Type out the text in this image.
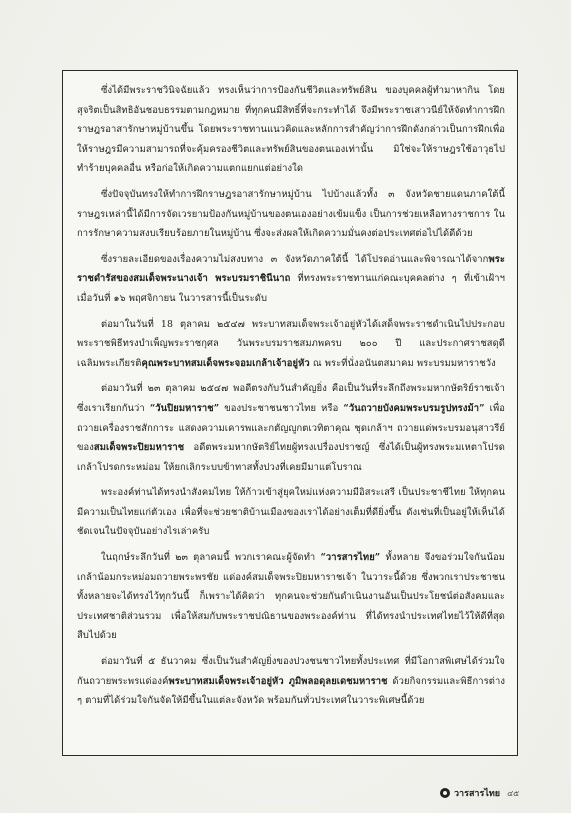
ซึ่งได้มีพระราชวินิจฉัยแล้ว ทรงเห็นว่าการป้องกันชีวิตและทรัพย์สิน ของบุคคลผู้ทำมาหากิน โดยสุจริตเป็นสิทธิอันชอบธรรมตามกฎหมาย ที่ทุกคนมีสิทธิ์ที่จะกระทำได้ จึงมีพระราชเสาวนีย์ให้จัดทำการฝึกราษฎรอาสารักษาหมู่บ้านขึ้น โดยพระราชทานแนวคิดและหลักการสำคัญว่าการฝึกดังกล่าวเป็นการฝึกเพื่อให้ราษฎรมีความสามารถที่จะคุ้มครองชีวิตและทรัพย์สินของตนเองเท่านั้น มิใช่จะให้ราษฎรใช้อาวุธไปทำร้ายบุคคลอื่น หรือก่อให้เกิดความแตกแยกแต่อย่างใด

ซึ่งปัจจุบันทรงให้ทำการฝึกราษฎรอาสารักษาหมู่บ้าน ไปบ้างแล้วทั้ง ๓ จังหวัดชายแดนภาคใต้นี้ ราษฎรเหล่านี้ได้มีการจัดเวรยามป้องกันหมู่บ้านของตนเองอย่างเข้มแข็ง เป็นการช่วยเหลือทางราชการ ในการรักษาความสงบเรียบร้อยภายในหมู่บ้าน ซึ่งจะส่งผลให้เกิดความมั่นคงต่อประเทศต่อไปได้ดีด้วย

ซึ่งรายละเอียดของเรื่องความไม่สงบทาง ๓ จังหวัดภาคใต้นี้ ได้โปรดอ่านและพิจารณาได้จากพระราชดำรัสของสมเด็จพระนางเจ้า พระบรมราชินีนาถ ที่ทรงพระราชทานแก่คณะบุคคลต่าง ๆ ที่เข้าเฝ้าฯ เมื่อวันที่ ๑๖ พฤศจิกายน ในวารสารนี้เป็นระดับ

ต่อมาในวันที่ 18 ตุลาคม ๒๕๔๗ พระบาทสมเด็จพระเจ้าอยู่หัวได้เสด็จพระราชดำเนินไปประกอบพระราชพิธีทรงบำเพ็ญพระราชกุศล วันพระบรมราชสมภพครบ ๒๐๐ ปี และประกาศราชสดุดีเฉลิมพระเกียรติคุณพระบาทสมเด็จพระจอมเกล้าเจ้าอยู่หัว ณ พระที่นั่งอนันตสมาคม พระบรมมหาราชวัง

ต่อมาวันที่ ๒๓ ตุลาคม ๒๕๔๗ พอดีตรงกับวันสำคัญยิ่ง คือเป็นวันที่ระลึกถึงพระมหากษัตริย์ราชเจ้า ซึ่งเราเรียกกันว่า “วันปิยมหาราช” ของประชาชนชาวไทย หรือ “วันถวายบังคมพระบรมรูปทรงม้า” เพื่อถวายเครื่องราชสักการะ แสดงความเคารพและกตัญญูกตเวทิตาคุณ ชุดเกล้าฯ ถวายแด่พระบรมอนุสาวรีย์ของสมเด็จพระปิยมหาราช อดีตพระมหากษัตริย์ไทยผู้ทรงเปรื่องปราชญ์ ซึ่งได้เป็นผู้ทรงพระมเหตาโปรดเกล้าโปรดกระหม่อม ให้ยกเลิกระบบข้าทาสทั้งปวงที่เคยมีมาแต่โบราณ

พระองค์ท่านได้ทรงนำสังคมไทย ให้ก้าวเข้าสู่ยุคใหม่แห่งความมีอิสระเสรี เป็นประชาชีไทย ให้ทุกคนมีความเป็นไทยแก่ตัวเอง เพื่อที่จะช่วยชาติบ้านเมืองของเราได้อย่างเต็มที่ดียิ่งขึ้น ดังเช่นที่เป็นอยู่ให้เห็นได้ชัดเจนในปัจจุบันอย่างไรเล่าครับ

ในฤกษ์ระลึกวันที่ ๒๓ ตุลาคมนี้ พวกเราคณะผู้จัดทำ “วารสารไทย” ทั้งหลาย จึงขอร่วมใจกันน้อมเกล้าน้อมกระหม่อมถวายพระพรชัย แด่องค์สมเด็จพระปิยมหาราชเจ้า ในวาระนี้ด้วย ซึ่งพวกเราประชาชนทั้งหลายจะได้ทรงไว้ทุกวันนี้ ก็เพราะได้คิดว่า ทุกคนจะช่วยกันดำเนินงานอันเป็นประโยชน์ต่อสังคมและประเทศชาติส่วนรวม เพื่อให้สมกับพระราชปณิธานของพระองค์ท่าน ที่ได้ทรงนำประเทศไทยไว้ให้ดีที่สุดสืบไปด้วย

ต่อมาวันที่ ๕ ธันวาคม ซึ่งเป็นวันสำคัญยิ่งของปวงชนชาวไทยทั้งประเทศ ที่มีโอกาสพิเศษได้ร่วมใจกันถวายพระพรแด่องค์พระบาทสมเด็จพระเจ้าอยู่หัว ภูมิพลอดุลยเดชมหาราช ด้วยกิจกรรมและพิธีการต่าง ๆ ตามที่ได้ร่วมใจกันจัดให้มีขึ้นในแต่ละจังหวัด พร้อมกันทั่วประเทศในวาระพิเศษนี้ด้วย

วารสารไทย ๔๕
